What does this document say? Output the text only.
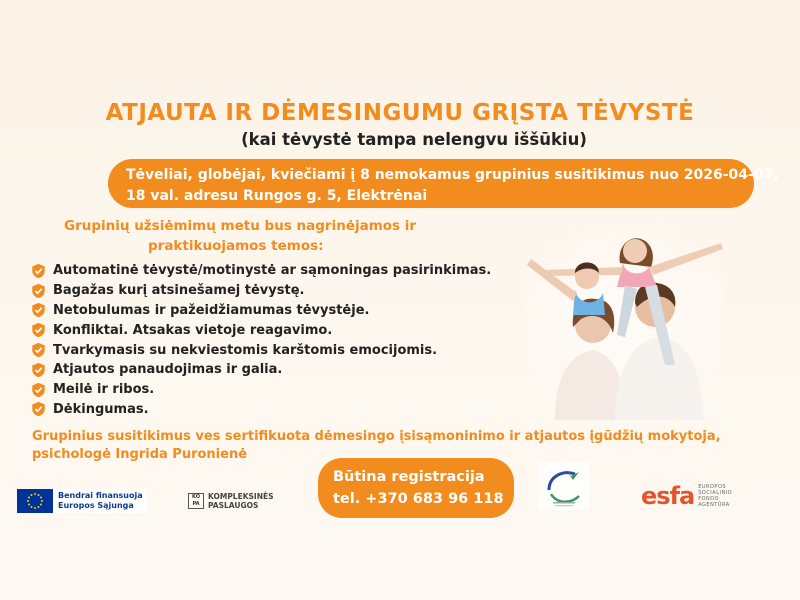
ATJAUTA IR DĖMESINGUMU GRĮSTA TĖVYSTĖ
(kai tėvystė tampa nelengvu iššūkiu)
Tėveliai, globėjai, kviečiami į 8 nemokamus grupinius susitikimus nuo 2026-04-07,
18 val. adresu Rungos g. 5, Elektrėnai
Grupinių užsiėmimų metu bus nagrinėjamos ir
praktikuojamos temos:
Automatinė tėvystė/motinystė ar sąmoningas pasirinkimas.
Bagažas kurį atsinešamej tėvystę.
Netobulumas ir pažeidžiamumas tėvystėje.
Konfliktai. Atsakas vietoje reagavimo.
Tvarkymasis su nekviestomis karštomis emocijomis.
Atjautos panaudojimas ir galia.
Meilė ir ribos.
Dėkingumas.
Grupinius susitikimus ves sertifikuota dėmesingo įsisąmoninimo ir atjautos įgūdžių mokytoja,
psichologė Ingrida Puronienė
Būtina registracija
tel. +370 683 96 118
Bendrai finansuoja
Europos Sąjunga
KO PA
KOMPLEKSINĖS
PASLAUGOS	esfa EUROPOS
SOCIALINIO
FONDO
AGENTŪRA
